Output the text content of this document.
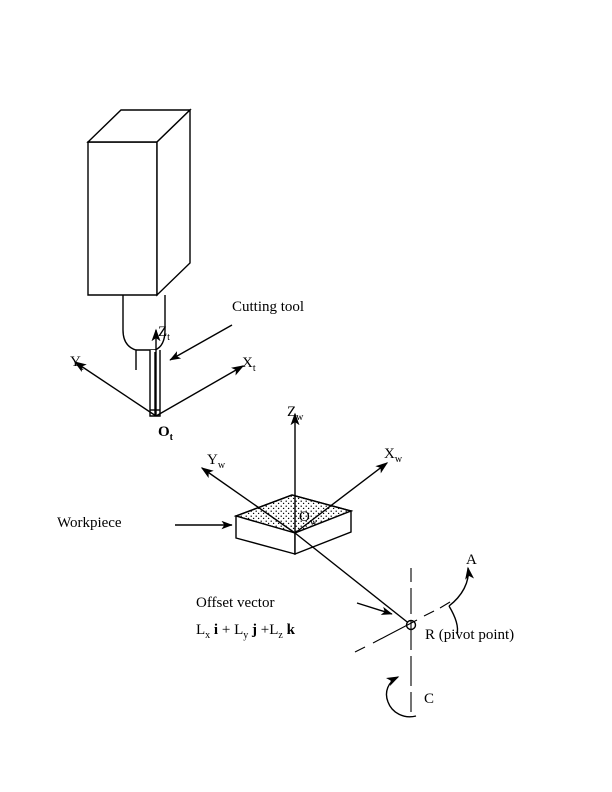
Cutting tool
$Z_t$
$X_t$
$Y_t$
$O_t$
$Z_w$
$X_w$
$Y_w$
$O_w$
Workpiece
Offset vector
$L_x$ $i + L_y$ $j +L_z$ k	R (pivot point)
A
C
